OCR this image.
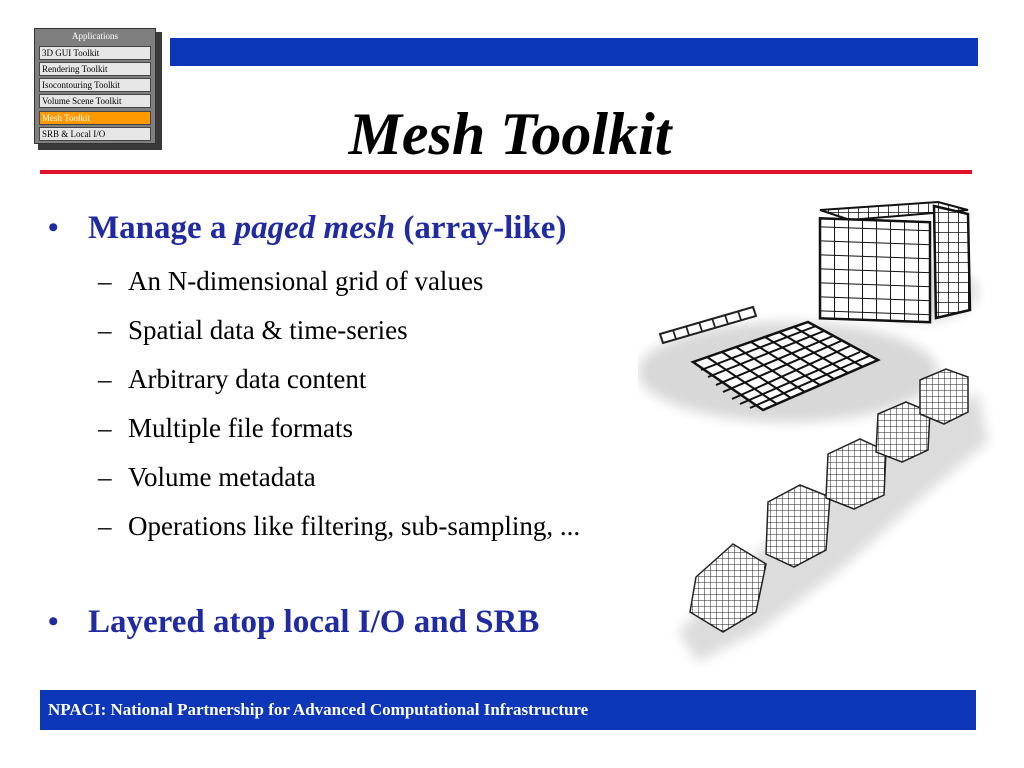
Applications
3D GUI Toolkit
Rendering Toolkit
Isocontouring Toolkit
Volume Scene Toolkit
Mesh Toolkit
SRB & Local I/O	Mesh Toolkit
• Manage a paged mesh (array-like)
– An N-dimensional grid of values
– Spatial data & time-series
– Arbitrary data content
– Multiple file formats
– Volume metadata
– Operations like filtering, sub-sampling, ...
• Layered atop local I/O and SRB
NPACI: National Partnership for Advanced Computational Infrastructure
